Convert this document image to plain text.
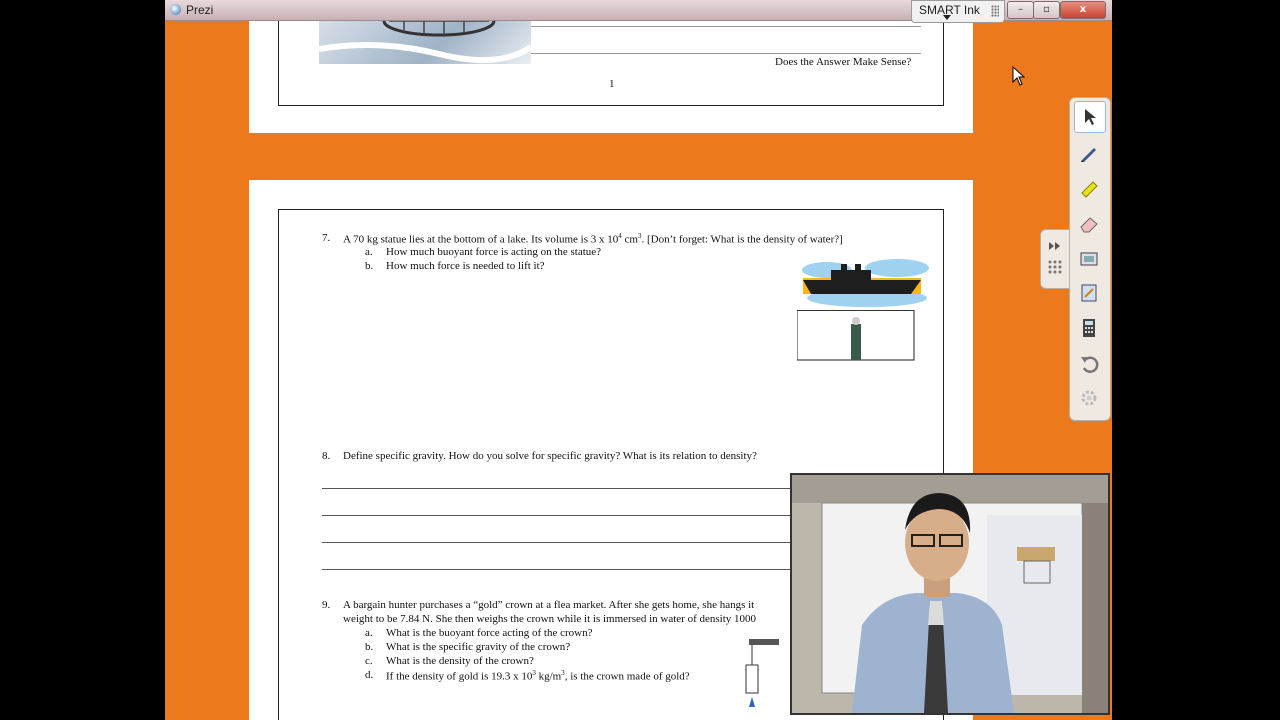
Does the Answer Make Sense?
1
7. A 70 kg statue lies at the bottom of a lake. Its volume is 3 x $10^4$ $cm^3$. [Don’t forget: What is the density of water?]
a. How much buoyant force is acting on the statue?
b. How much force is needed to lift it?
8. Define specific gravity. How do you solve for specific gravity? What is its relation to density?
9. A bargain hunter purchases a “gold” crown at a flea market. After she gets home, she hangs it
weight to be 7.84 N. She then weighs the crown while it is immersed in water of density 1000
a. What is the buoyant force acting of the crown?
b. What is the specific gravity of the crown?
c. What is the density of the crown?
d. If the density of gold is 19.3 x $10^3$ $kg/m^3$, is the crown made of gold?
Prezi	–	▫	x
SMART Ink
